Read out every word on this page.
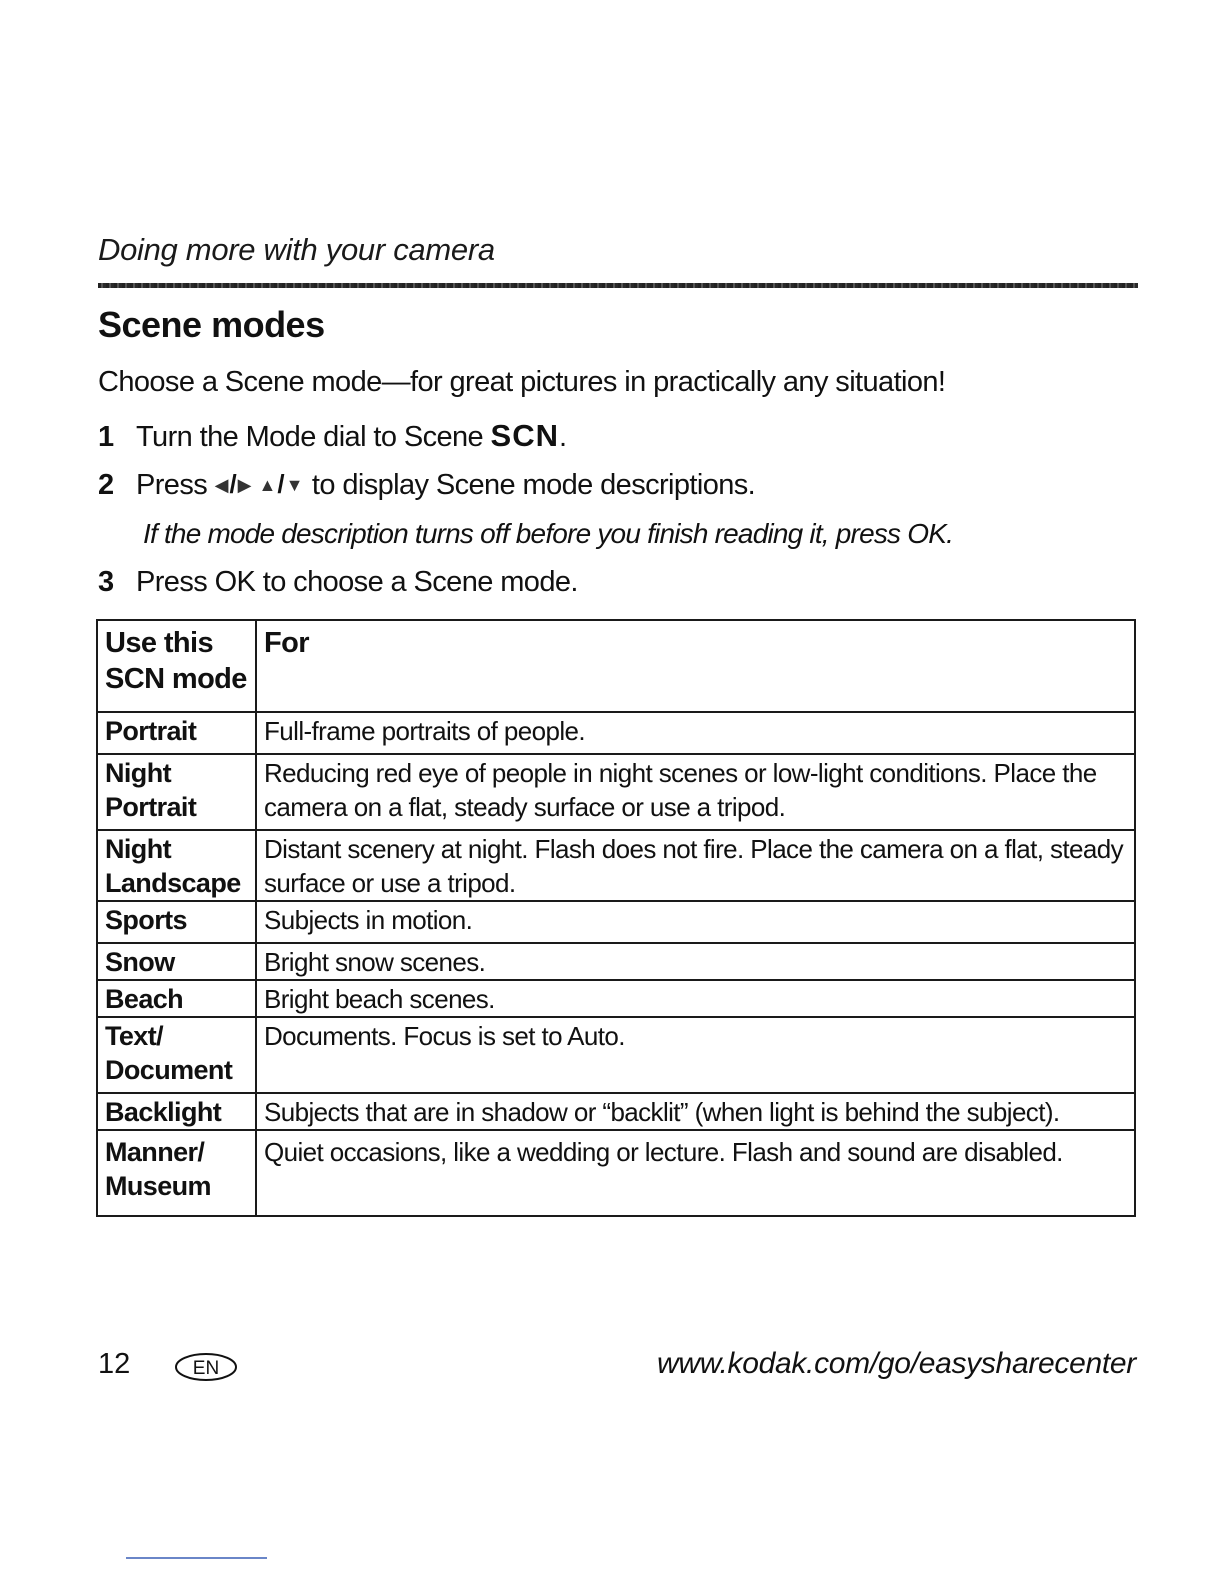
Doing more with your camera
Scene modes
Choose a Scene mode—for great pictures in practically any situation!
1 Turn the Mode dial to Scene SCN.
2 Press ◀/▶ ▲/▼ to display Scene mode descriptions.
If the mode description turns off before you finish reading it, press OK.
3 Press OK to choose a Scene mode.
Use this
SCN mode	For
Portrait	Full-frame portraits of people.
Night
Portrait	Reducing red eye of people in night scenes or low-light conditions. Place the camera on a flat, steady surface or use a tripod.
Night
Landscape	Distant scenery at night. Flash does not fire. Place the camera on a flat, steady surface or use a tripod.
Sports	Subjects in motion.
Snow	Bright snow scenes.
Beach	Bright beach scenes.
Text/
Document	Documents. Focus is set to Auto.
Backlight	Subjects that are in shadow or “backlit” (when light is behind the subject).
Manner/
Museum	Quiet occasions, like a wedding or lecture. Flash and sound are disabled.
12	EN	www.kodak.com/go/easysharecenter
